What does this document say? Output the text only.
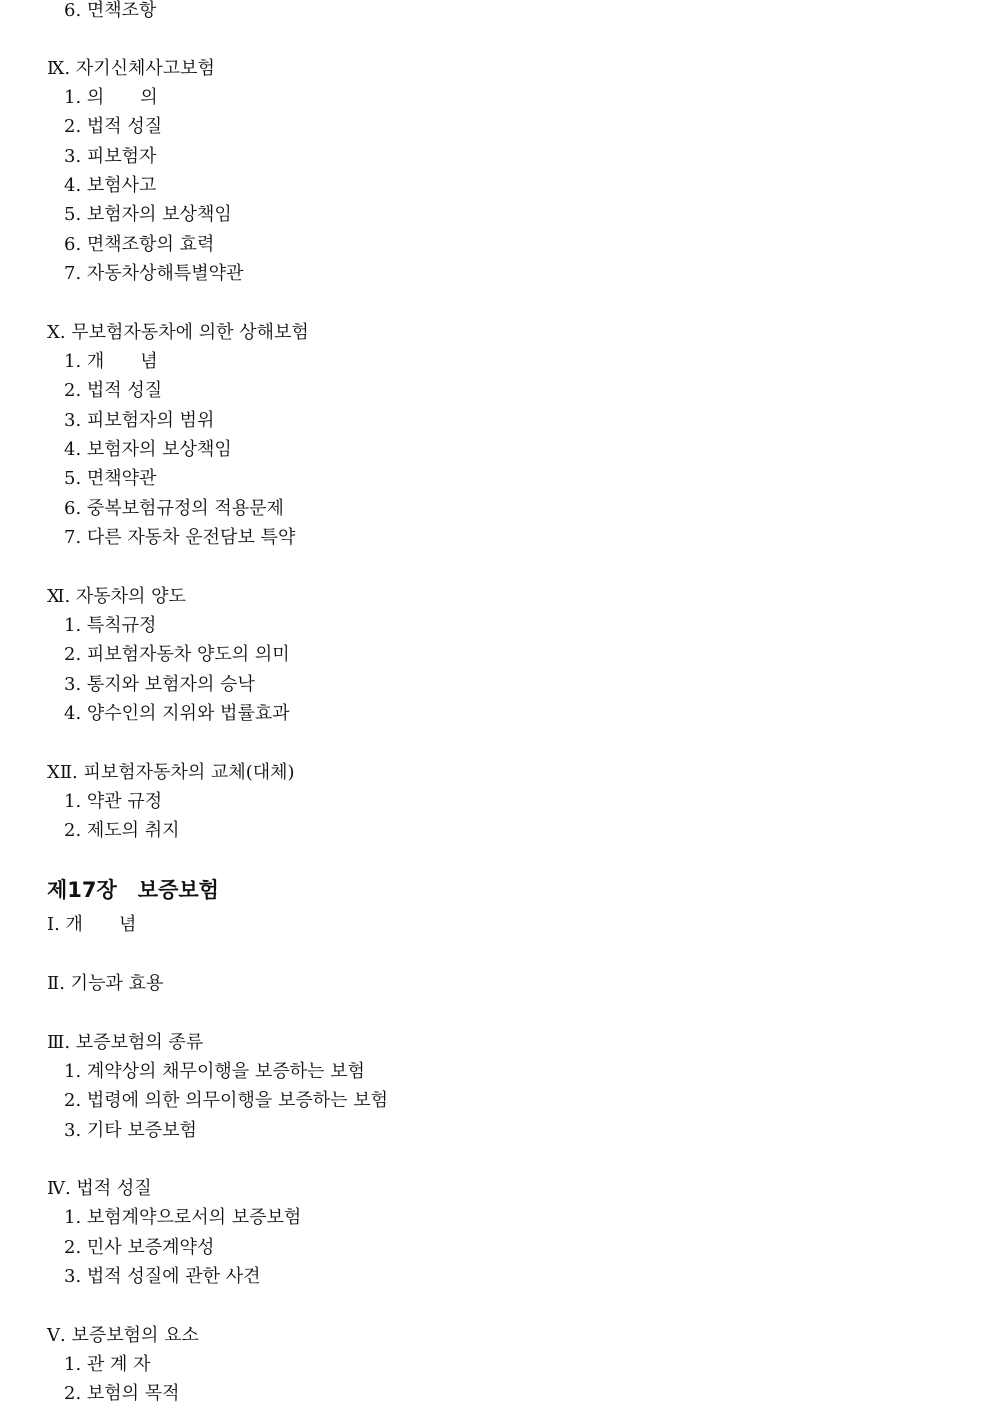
6. 면책조항
Ⅸ. 자기신체사고보험
1. 의　　의
2. 법적 성질
3. 피보험자
4. 보험사고
5. 보험자의 보상책임
6. 면책조항의 효력
7. 자동차상해특별약관
Ⅹ. 무보험자동차에 의한 상해보험
1. 개　　념
2. 법적 성질
3. 피보험자의 범위
4. 보험자의 보상책임
5. 면책약관
6. 중복보험규정의 적용문제
7. 다른 자동차 운전담보 특약
Ⅺ. 자동차의 양도
1. 특칙규정
2. 피보험자동차 양도의 의미
3. 통지와 보험자의 승낙
4. 양수인의 지위와 법률효과
ⅩⅡ. 피보험자동차의 교체(대체)
1. 약관 규정
2. 제도의 취지
제17장　보증보험
Ⅰ. 개　　념
Ⅱ. 기능과 효용
Ⅲ. 보증보험의 종류
1. 계약상의 채무이행을 보증하는 보험
2. 법령에 의한 의무이행을 보증하는 보험
3. 기타 보증보험
Ⅳ. 법적 성질
1. 보험계약으로서의 보증보험
2. 민사 보증계약성
3. 법적 성질에 관한 사견
Ⅴ. 보증보험의 요소
1. 관 계 자
2. 보험의 목적
